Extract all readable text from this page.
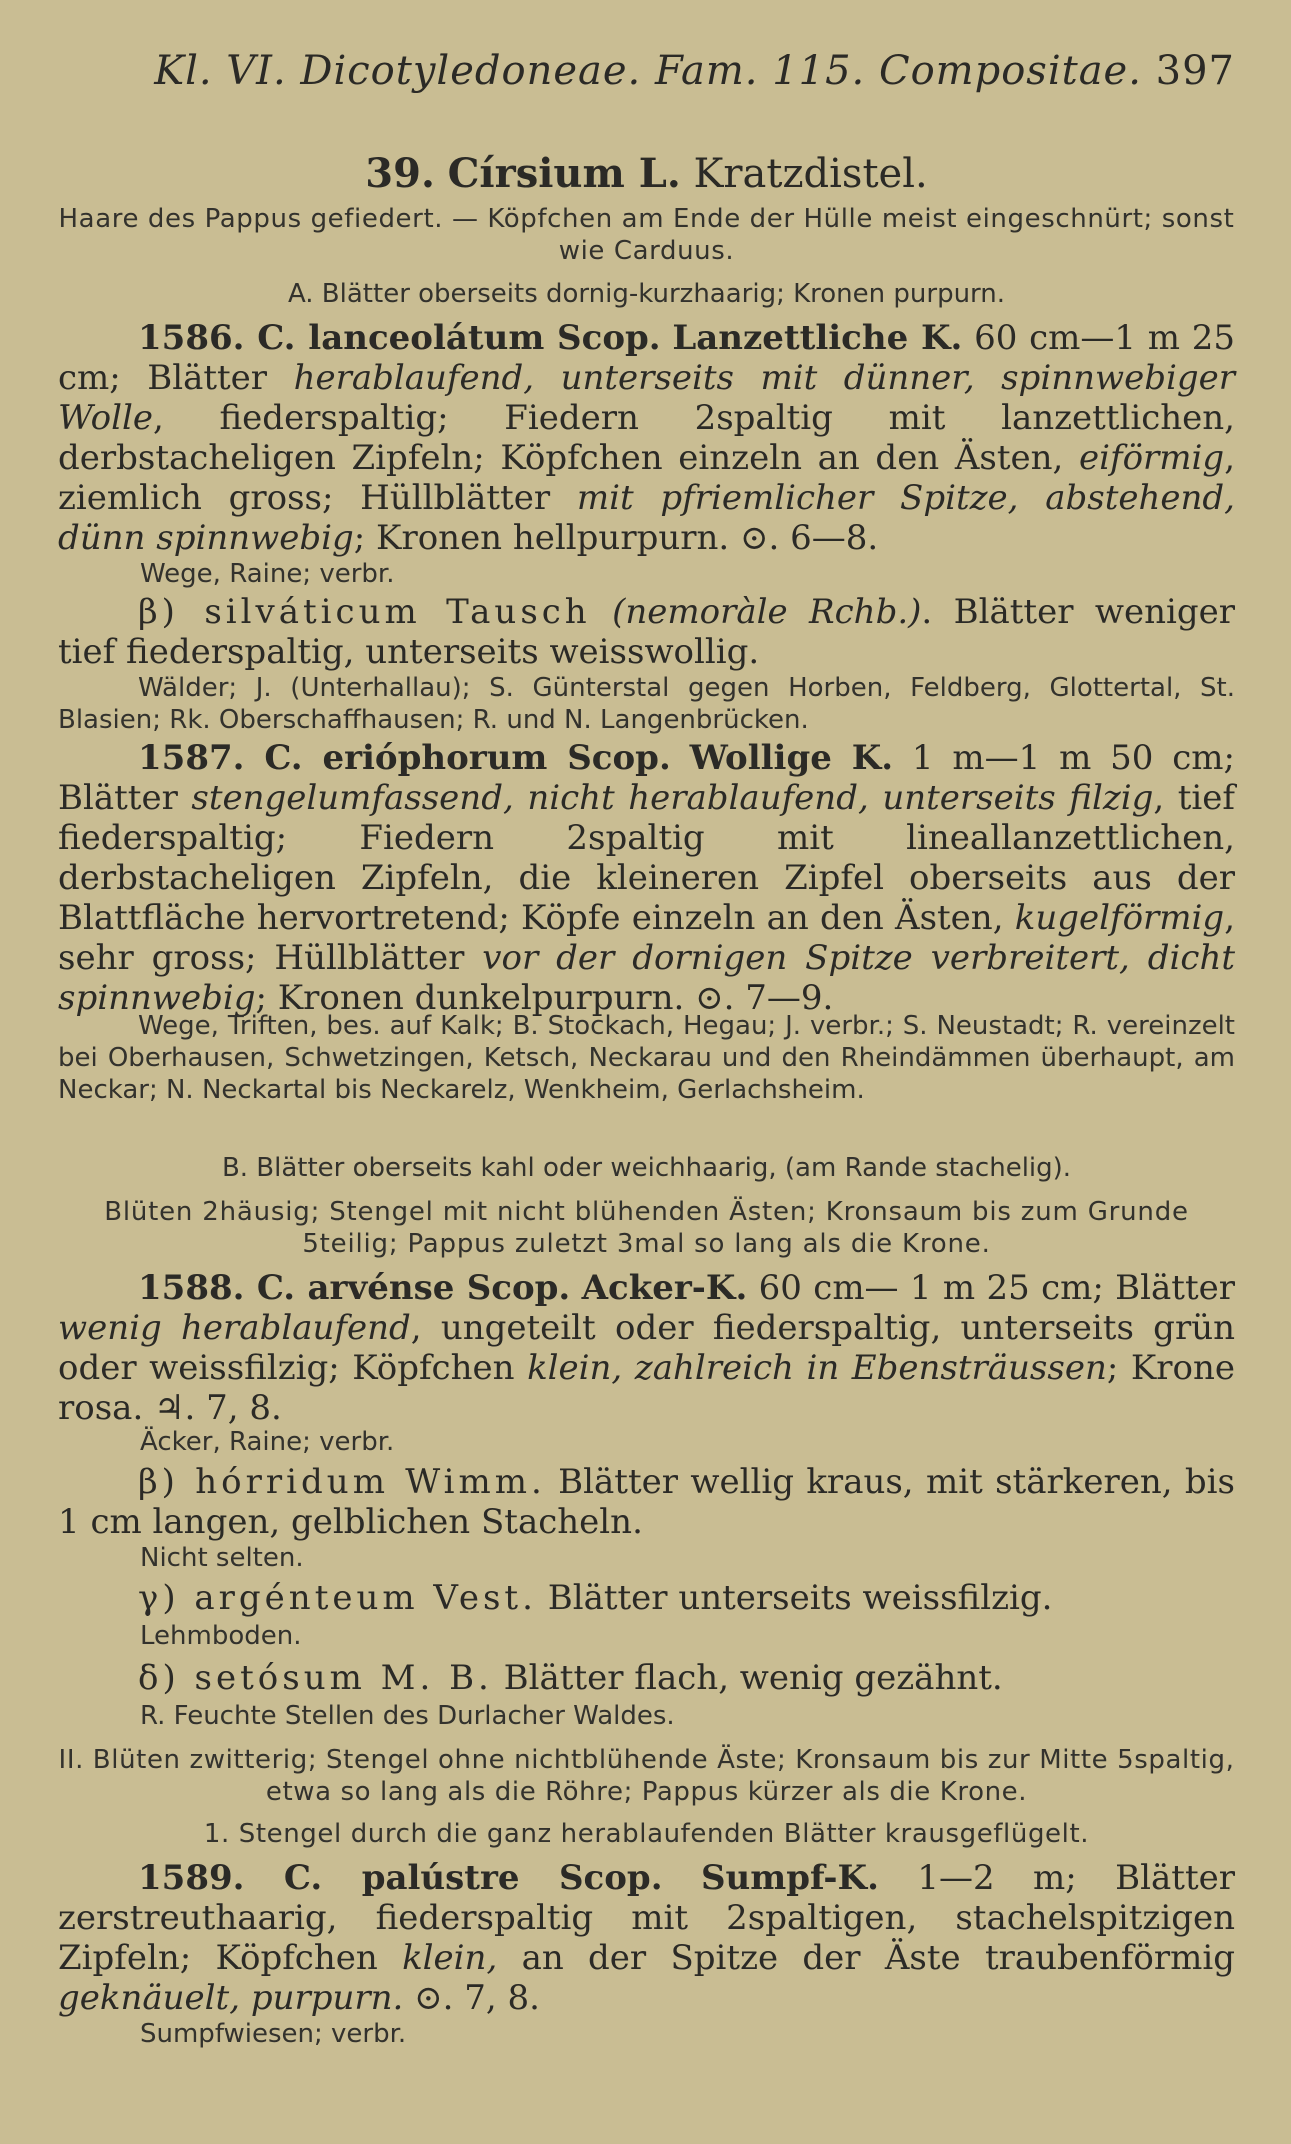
Kl. VI. Dicotyledoneae. Fam. 115. Compositae. 397
39. Círsium L. Kratzdistel.

Haare des Pappus gefiedert. — Köpfchen am Ende der Hülle meist eingeschnürt; sonst wie Carduus.

A. Blätter oberseits dornig-kurzhaarig; Kronen purpurn.

1586. C. lanceolátum Scop. Lanzettliche K. 60 cm—1 m 25 cm; Blätter herablaufend, unterseits mit dünner, spinnwebiger Wolle, fiederspaltig; Fiedern 2spaltig mit lanzettlichen, derbstacheligen Zipfeln; Köpfchen einzeln an den Ästen, eiförmig, ziemlich gross; Hüllblätter mit pfriemlicher Spitze, abstehend, dünn spinnwebig; Kronen hellpurpurn. ⊙. 6—8.

Wege, Raine; verbr.

β) silváticum Tausch (nemoràle Rchb.). Blätter weniger tief fiederspaltig, unterseits weisswollig.

Wälder; J. (Unterhallau); S. Günterstal gegen Horben, Feldberg, Glottertal, St. Blasien; Rk. Oberschaffhausen; R. und N. Langenbrücken.

1587. C. erióphorum Scop. Wollige K. 1 m—1 m 50 cm; Blätter stengelumfassend, nicht herablaufend, unterseits filzig, tief fiederspaltig; Fiedern 2spaltig mit lineallanzettlichen, derbstacheligen Zipfeln, die kleineren Zipfel oberseits aus der Blattfläche hervortretend; Köpfe einzeln an den Ästen, kugelförmig, sehr gross; Hüllblätter vor der dornigen Spitze verbreitert, dicht spinnwebig; Kronen dunkelpurpurn. ⊙. 7—9.

Wege, Triften, bes. auf Kalk; B. Stockach, Hegau; J. verbr.; S. Neustadt; R. vereinzelt bei Oberhausen, Schwetzingen, Ketsch, Neckarau und den Rheindämmen überhaupt, am Neckar; N. Neckartal bis Neckarelz, Wenkheim, Gerlachsheim.

B. Blätter oberseits kahl oder weichhaarig, (am Rande stachelig).

Blüten 2häusig; Stengel mit nicht blühenden Ästen; Kronsaum bis zum Grunde 5teilig; Pappus zuletzt 3mal so lang als die Krone.

1588. C. arvénse Scop. Acker-K. 60 cm— 1 m 25 cm; Blätter wenig herablaufend, ungeteilt oder fiederspaltig, unterseits grün oder weissfilzig; Köpfchen klein, zahlreich in Ebensträussen; Krone rosa. ♃. 7, 8.

Äcker, Raine; verbr.

β) hórridum Wimm. Blätter wellig kraus, mit stärkeren, bis 1 cm langen, gelblichen Stacheln.

Nicht selten.

γ) argénteum Vest. Blätter unterseits weissfilzig.

Lehmboden.

δ) setósum M. B. Blätter flach, wenig gezähnt.

R. Feuchte Stellen des Durlacher Waldes.

II. Blüten zwitterig; Stengel ohne nichtblühende Äste; Kronsaum bis zur Mitte 5spaltig, etwa so lang als die Röhre; Pappus kürzer als die Krone.

1. Stengel durch die ganz herablaufenden Blätter krausgeflügelt.

1589. C. palústre Scop. Sumpf-K. 1—2 m; Blätter zerstreuthaarig, fiederspaltig mit 2spaltigen, stachelspitzigen Zipfeln; Köpfchen klein, an der Spitze der Äste traubenförmig geknäuelt, purpurn. ⊙. 7, 8.

Sumpfwiesen; verbr.
